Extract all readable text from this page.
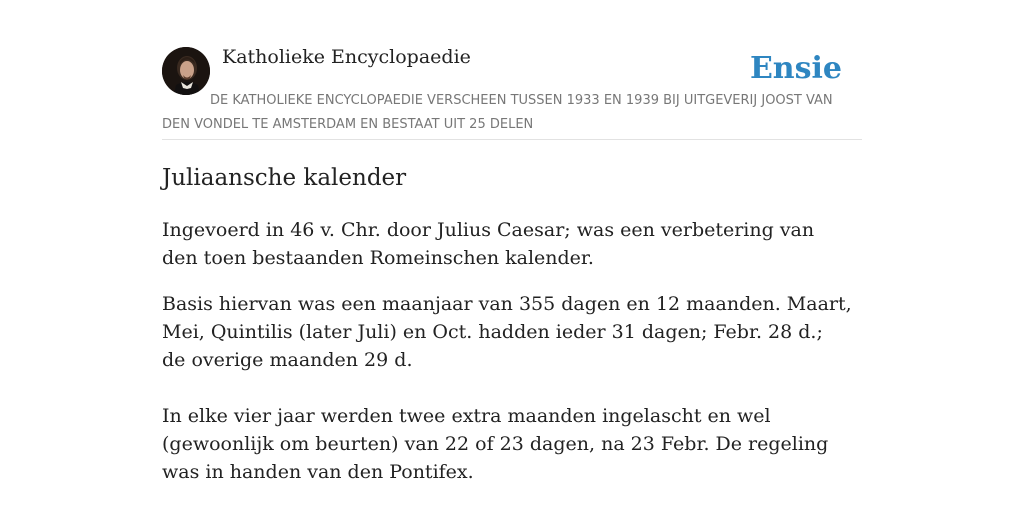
Katholieke Encyclopaedie	Ensie

DE KATHOLIEKE ENCYCLOPAEDIE VERSCHEEN TUSSEN 1933 EN 1939 BIJ UITGEVERIJ JOOST VAN DEN VONDEL TE AMSTERDAM EN BESTAAT UIT 25 DELEN

Juliaansche kalender

Ingevoerd in 46 v. Chr. door Julius Caesar; was een verbetering van den toen bestaanden Romeinschen kalender.

Basis hiervan was een maanjaar van 355 dagen en 12 maanden. Maart, Mei, Quintilis (later Juli) en Oct. hadden ieder 31 dagen; Febr. 28 d.; de overige maanden 29 d.

In elke vier jaar werden twee extra maanden ingelascht en wel (gewoonlijk om beurten) van 22 of 23 dagen, na 23 Febr. De regeling was in handen van den Pontifex.
